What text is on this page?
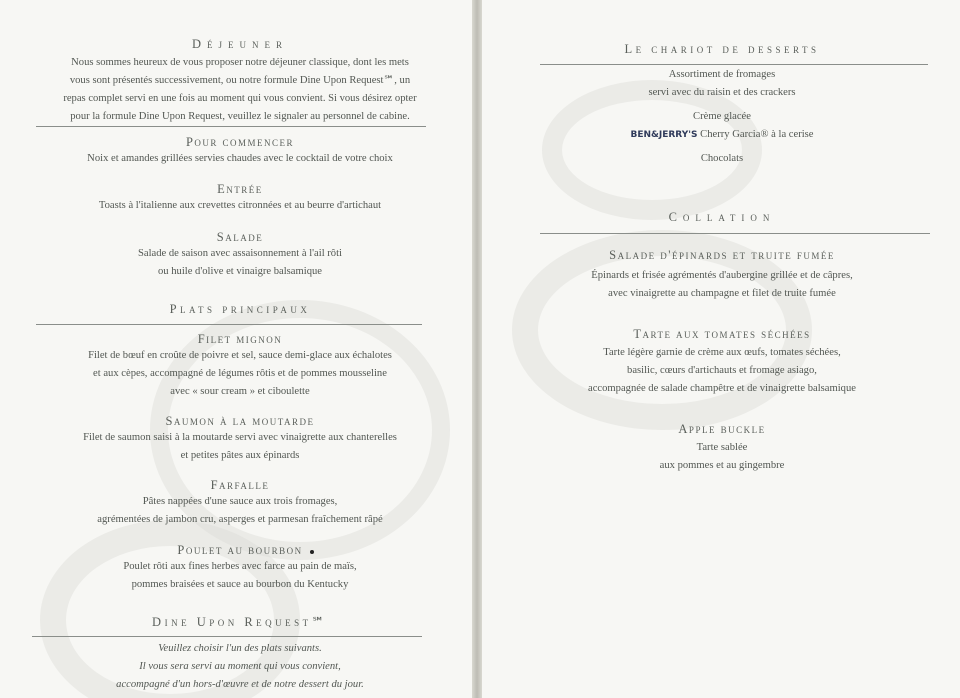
Déjeuner
Nous sommes heureux de vous proposer notre déjeuner classique, dont les mets
vous sont présentés successivement, ou notre formule Dine Upon Request℠, un
repas complet servi en une fois au moment qui vous convient. Si vous désirez opter
pour la formule Dine Upon Request, veuillez le signaler au personnel de cabine.
Pour commencer
Noix et amandes grillées servies chaudes avec le cocktail de votre choix
Entrée
Toasts à l'italienne aux crevettes citronnées et au beurre d'artichaut
Salade
Salade de saison avec assaisonnement à l'ail rôti
ou huile d'olive et vinaigre balsamique
Plats principaux
Filet mignon
Filet de bœuf en croûte de poivre et sel, sauce demi-glace aux échalotes
et aux cèpes, accompagné de légumes rôtis et de pommes mousseline
avec « sour cream » et ciboulette
Saumon à la moutarde
Filet de saumon saisi à la moutarde servi avec vinaigrette aux chanterelles
et petites pâtes aux épinards
Farfalle
Pâtes nappées d'une sauce aux trois fromages,
agrémentées de jambon cru, asperges et parmesan fraîchement râpé
Poulet au bourbon
Poulet rôti aux fines herbes avec farce au pain de maïs,
pommes braisées et sauce au bourbon du Kentucky
Dine Upon Request℠
Veuillez choisir l'un des plats suivants.
Il vous sera servi au moment qui vous convient,
accompagné d'un hors-d'œuvre et de notre dessert du jour.
Le chariot de desserts
Assortiment de fromages
servi avec du raisin et des crackers
Crème glacée
BEN&JERRY'S Cherry Garcia® à la cerise
Chocolats
Collation
Salade d'épinards et truite fumée
Épinards et frisée agrémentés d'aubergine grillée et de câpres,
avec vinaigrette au champagne et filet de truite fumée
Tarte aux tomates séchées
Tarte légère garnie de crème aux œufs, tomates séchées,
basilic, cœurs d'artichauts et fromage asiago,
accompagnée de salade champêtre et de vinaigrette balsamique
Apple buckle
Tarte sablée
aux pommes et au gingembre
